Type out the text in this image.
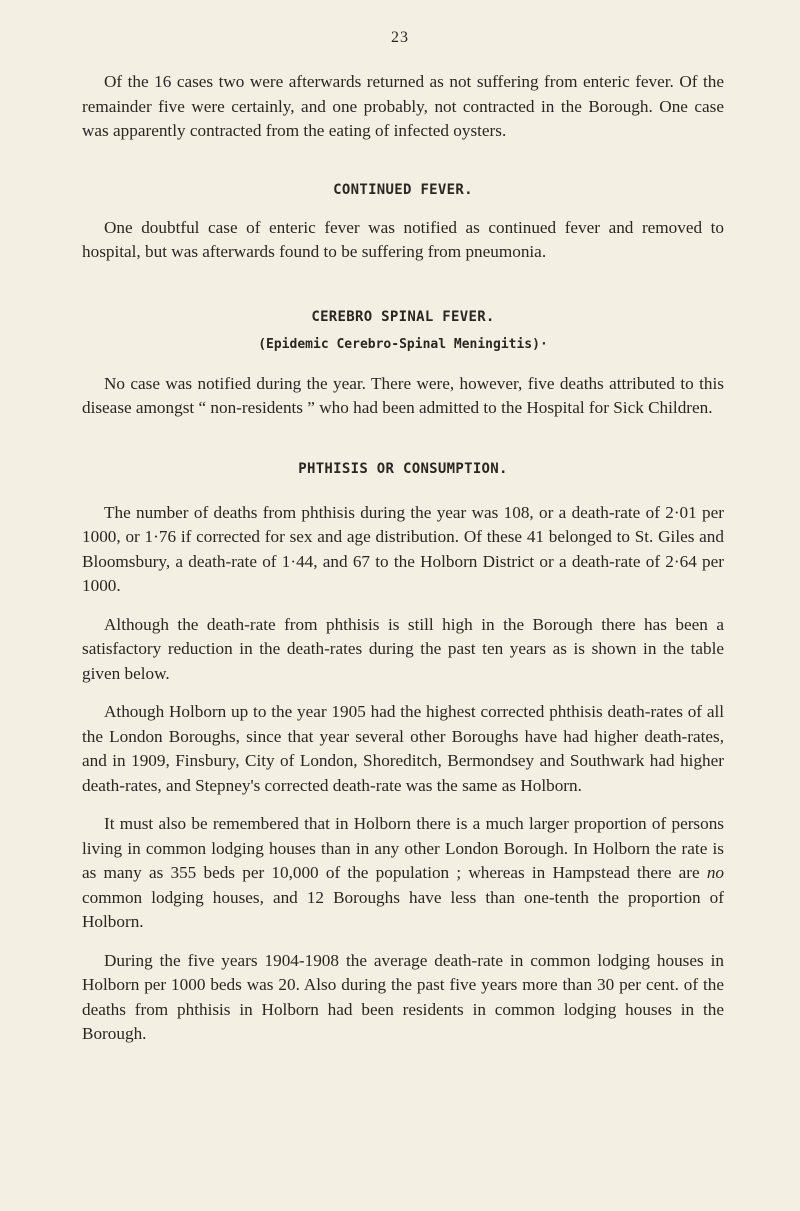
23

Of the 16 cases two were afterwards returned as not suffering from enteric fever. Of the remainder five were certainly, and one probably, not contracted in the Borough. One case was apparently contracted from the eating of infected oysters.

CONTINUED FEVER.

One doubtful case of enteric fever was notified as continued fever and removed to hospital, but was afterwards found to be suffering from pneumonia.

CEREBRO SPINAL FEVER.
(Epidemic Cerebro-Spinal Meningitis)·

No case was notified during the year. There were, however, five deaths attributed to this disease amongst “ non-residents ” who had been admitted to the Hospital for Sick Children.

PHTHISIS OR CONSUMPTION.

The number of deaths from phthisis during the year was 108, or a death-rate of 2·01 per 1000, or 1·76 if corrected for sex and age distribution. Of these 41 belonged to St. Giles and Bloomsbury, a death-rate of 1·44, and 67 to the Holborn District or a death-rate of 2·64 per 1000.

Although the death-rate from phthisis is still high in the Borough there has been a satisfactory reduction in the death-rates during the past ten years as is shown in the table given below.

Athough Holborn up to the year 1905 had the highest corrected phthisis death-rates of all the London Boroughs, since that year several other Boroughs have had higher death-rates, and in 1909, Finsbury, City of London, Shoreditch, Bermondsey and Southwark had higher death-rates, and Stepney's corrected death-rate was the same as Holborn.

It must also be remembered that in Holborn there is a much larger proportion of persons living in common lodging houses than in any other London Borough. In Holborn the rate is as many as 355 beds per 10,000 of the population ; whereas in Hampstead there are no common lodging houses, and 12 Boroughs have less than one-tenth the proportion of Holborn.

During the five years 1904-1908 the average death-rate in common lodging houses in Holborn per 1000 beds was 20. Also during the past five years more than 30 per cent. of the deaths from phthisis in Holborn had been residents in common lodging houses in the Borough.
